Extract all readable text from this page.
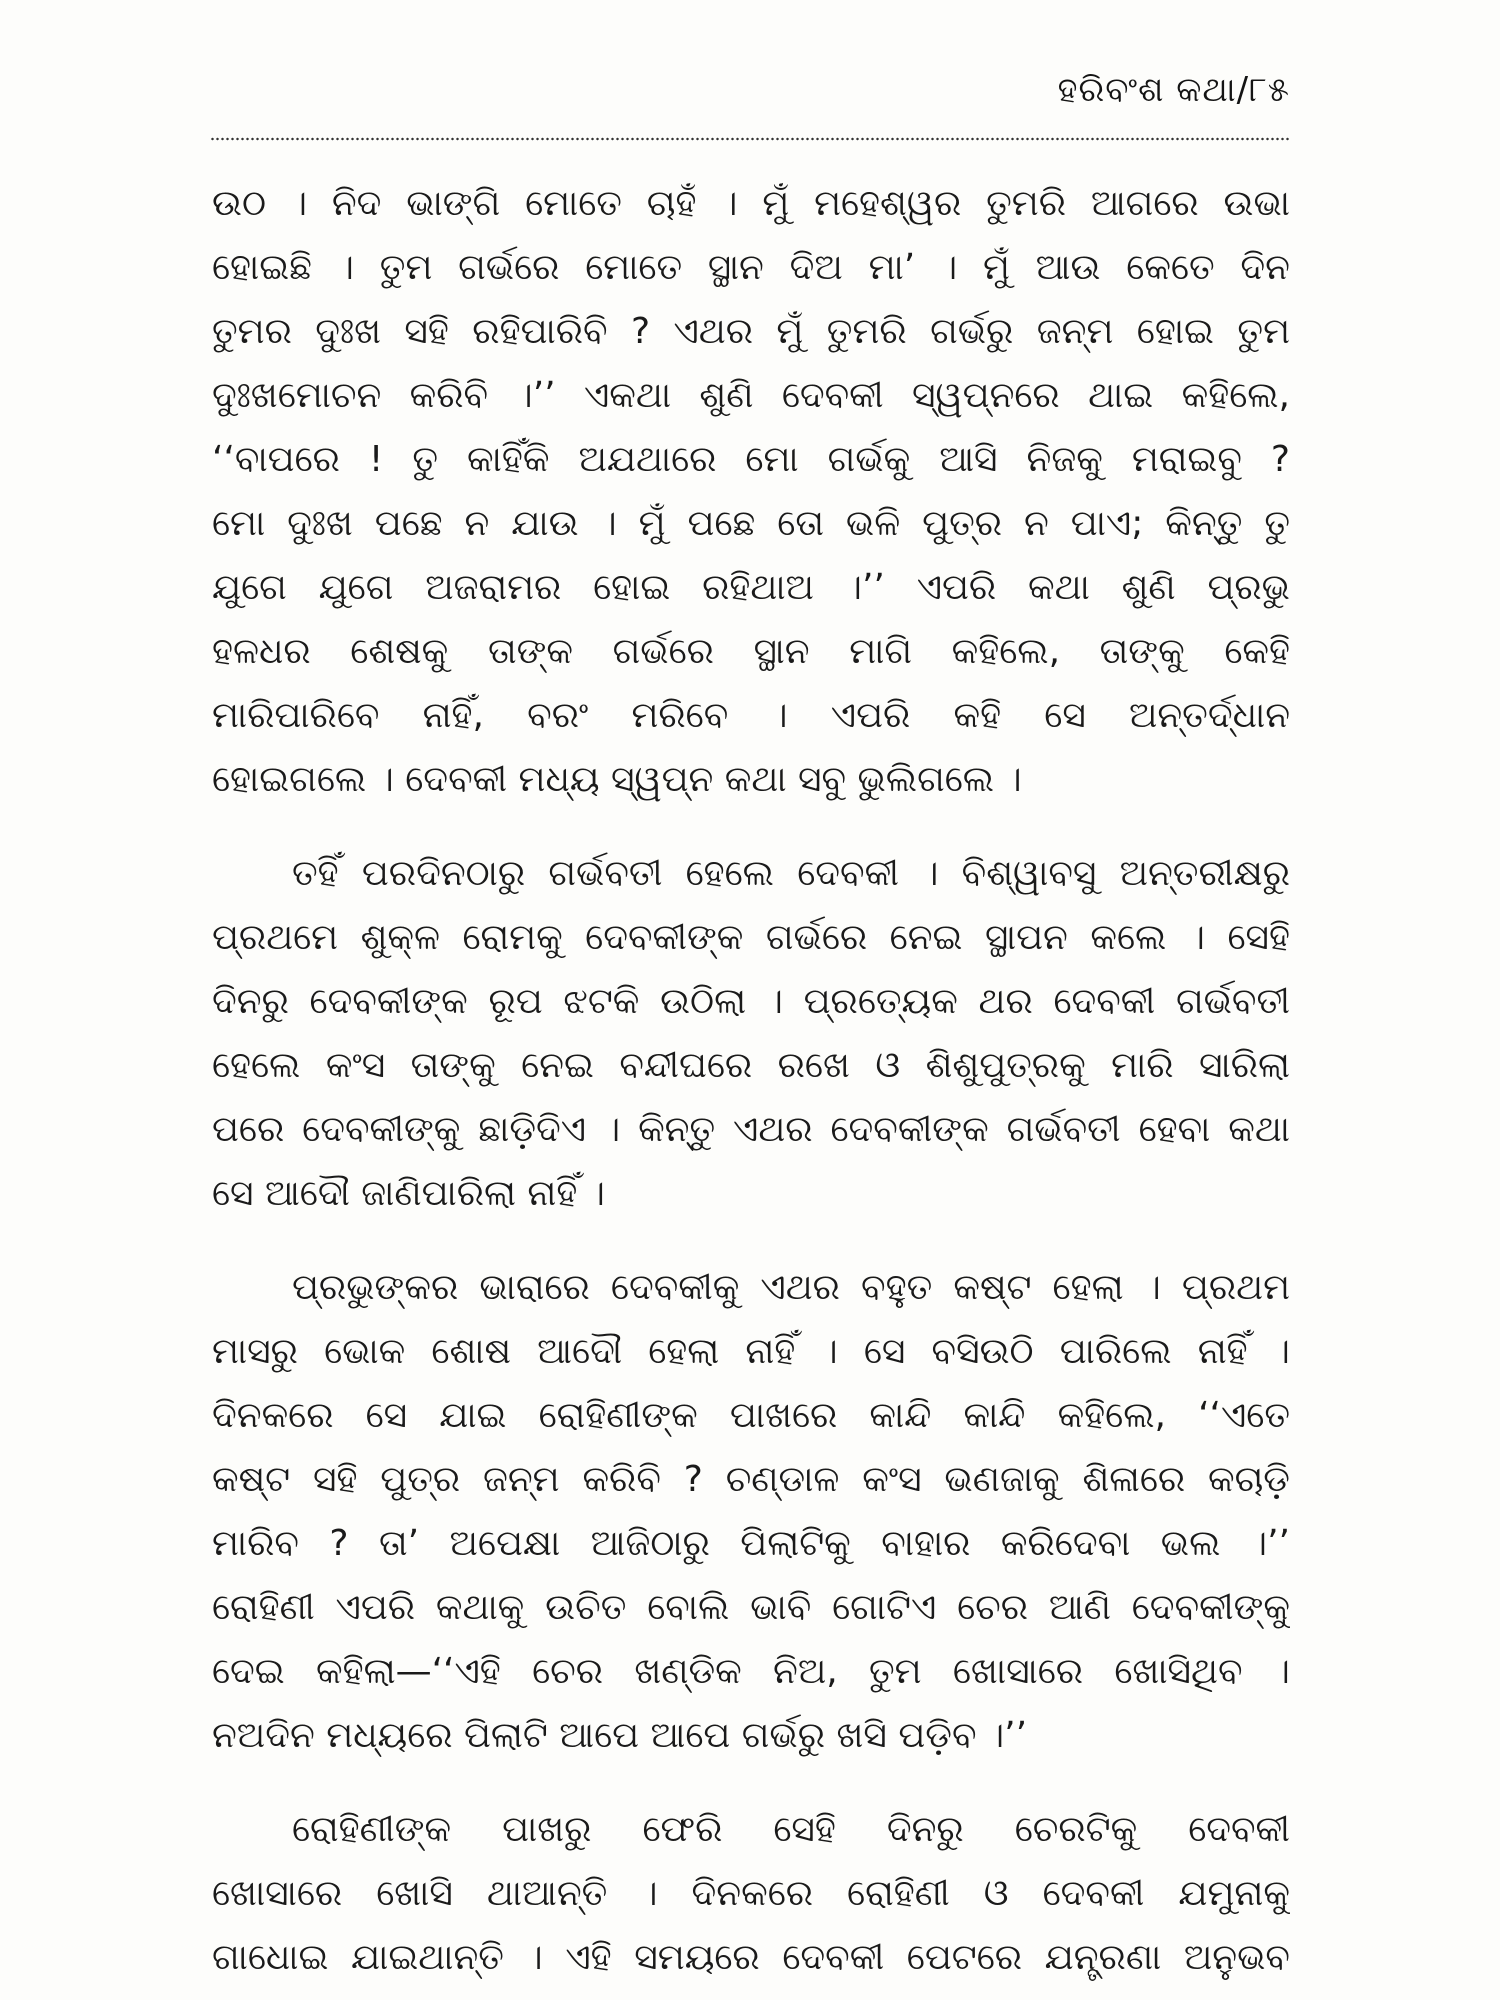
ହରିବଂଶ କଥା/୮୫
ଉଠ । ନିଦ ଭାଙ୍ଗି ମୋତେ ଚାହଁ । ମୁଁ ମହେଶ୍ୱର ତୁମରି ଆଗରେ ଉଭା
ହୋଇଛି । ତୁମ ଗର୍ଭରେ ମୋତେ ସ୍ଥାନ ଦିଅ ମା’ । ମୁଁ ଆଉ କେତେ ଦିନ
ତୁମର ଦୁଃଖ ସହି ରହିପାରିବି ? ଏଥର ମୁଁ ତୁମରି ଗର୍ଭରୁ ଜନ୍ମ ହୋଇ ତୁମ
ଦୁଃଖମୋଚନ କରିବି ।’’ ଏକଥା ଶୁଣି ଦେବକୀ ସ୍ୱପ୍ନରେ ଥାଇ କହିଲେ,
‘‘ବାପରେ ! ତୁ କାହିଁକି ଅଯଥାରେ ମୋ ଗର୍ଭକୁ ଆସି ନିଜକୁ ମରାଇବୁ ?
ମୋ ଦୁଃଖ ପଛେ ନ ଯାଉ । ମୁଁ ପଛେ ତୋ ଭଳି ପୁତ୍ର ନ ପାଏ; କିନ୍ତୁ ତୁ
ଯୁଗେ ଯୁଗେ ଅଜରାମର ହୋଇ ରହିଥାଅ ।’’ ଏପରି କଥା ଶୁଣି ପ୍ରଭୁ
ହଳଧର ଶେଷକୁ ତାଙ୍କ ଗର୍ଭରେ ସ୍ଥାନ ମାଗି କହିଲେ, ତାଙ୍କୁ କେହି
ମାରିପାରିବେ ନାହିଁ, ବରଂ ମରିବେ । ଏପରି କହି ସେ ଅନ୍ତର୍ଦ୍ଧାନ
ହୋଇଗଲେ । ଦେବକୀ ମଧ୍ୟ ସ୍ୱପ୍ନ କଥା ସବୁ ଭୁଲିଗଲେ ।
ତହିଁ ପରଦିନଠାରୁ ଗର୍ଭବତୀ ହେଲେ ଦେବକୀ । ବିଶ୍ୱାବସୁ ଅନ୍ତରୀକ୍ଷରୁ
ପ୍ରଥମେ ଶୁକ୍ଳ ରୋମକୁ ଦେବକୀଙ୍କ ଗର୍ଭରେ ନେଇ ସ୍ଥାପନ କଲେ । ସେହି
ଦିନରୁ ଦେବକୀଙ୍କ ରୂପ ଝଟକି ଉଠିଲା । ପ୍ରତ୍ୟେକ ଥର ଦେବକୀ ଗର୍ଭବତୀ
ହେଲେ କଂସ ତାଙ୍କୁ ନେଇ ବନ୍ଦୀଘରେ ରଖେ ଓ ଶିଶୁପୁତ୍ରକୁ ମାରି ସାରିଲା
ପରେ ଦେବକୀଙ୍କୁ ଛାଡ଼ିଦିଏ । କିନ୍ତୁ ଏଥର ଦେବକୀଙ୍କ ଗର୍ଭବତୀ ହେବା କଥା
ସେ ଆଦୌ ଜାଣିପାରିଲା ନାହିଁ ।
ପ୍ରଭୁଙ୍କର ଭାରାରେ ଦେବକୀକୁ ଏଥର ବହୁତ କଷ୍ଟ ହେଲା । ପ୍ରଥମ
ମାସରୁ ଭୋକ ଶୋଷ ଆଦୌ ହେଲା ନାହିଁ । ସେ ବସିଉଠି ପାରିଲେ ନାହିଁ ।
ଦିନକରେ ସେ ଯାଇ ରୋହିଣୀଙ୍କ ପାଖରେ କାନ୍ଦି କାନ୍ଦି କହିଲେ, ‘‘ଏତେ
କଷ୍ଟ ସହି ପୁତ୍ର ଜନ୍ମ କରିବି ? ଚଣ୍ଡାଳ କଂସ ଭଣଜାକୁ ଶିଳାରେ କଚାଡ଼ି
ମାରିବ ? ତା’ ଅପେକ୍ଷା ଆଜିଠାରୁ ପିଲାଟିକୁ ବାହାର କରିଦେବା ଭଲ ।’’
ରୋହିଣୀ ଏପରି କଥାକୁ ଉଚିତ ବୋଲି ଭାବି ଗୋଟିଏ ଚେର ଆଣି ଦେବକୀଙ୍କୁ
ଦେଇ କହିଲା—‘‘ଏହି ଚେର ଖଣ୍ଡିକ ନିଅ, ତୁମ ଖୋସାରେ ଖୋସିଥିବ ।
ନଅଦିନ ମଧ୍ୟରେ ପିଲାଟି ଆପେ ଆପେ ଗର୍ଭରୁ ଖସି ପଡ଼ିବ ।’’
ରୋହିଣୀଙ୍କ ପାଖରୁ ଫେରି ସେହି ଦିନରୁ ଚେରଟିକୁ ଦେବକୀ
ଖୋସାରେ ଖୋସି ଥାଆନ୍ତି । ଦିନକରେ ରୋହିଣୀ ଓ ଦେବକୀ ଯମୁନାକୁ
ଗାଧୋଇ ଯାଇଥାନ୍ତି । ଏହି ସମୟରେ ଦେବକୀ ପେଟରେ ଯନ୍ତ୍ରଣା ଅନୁଭବ
